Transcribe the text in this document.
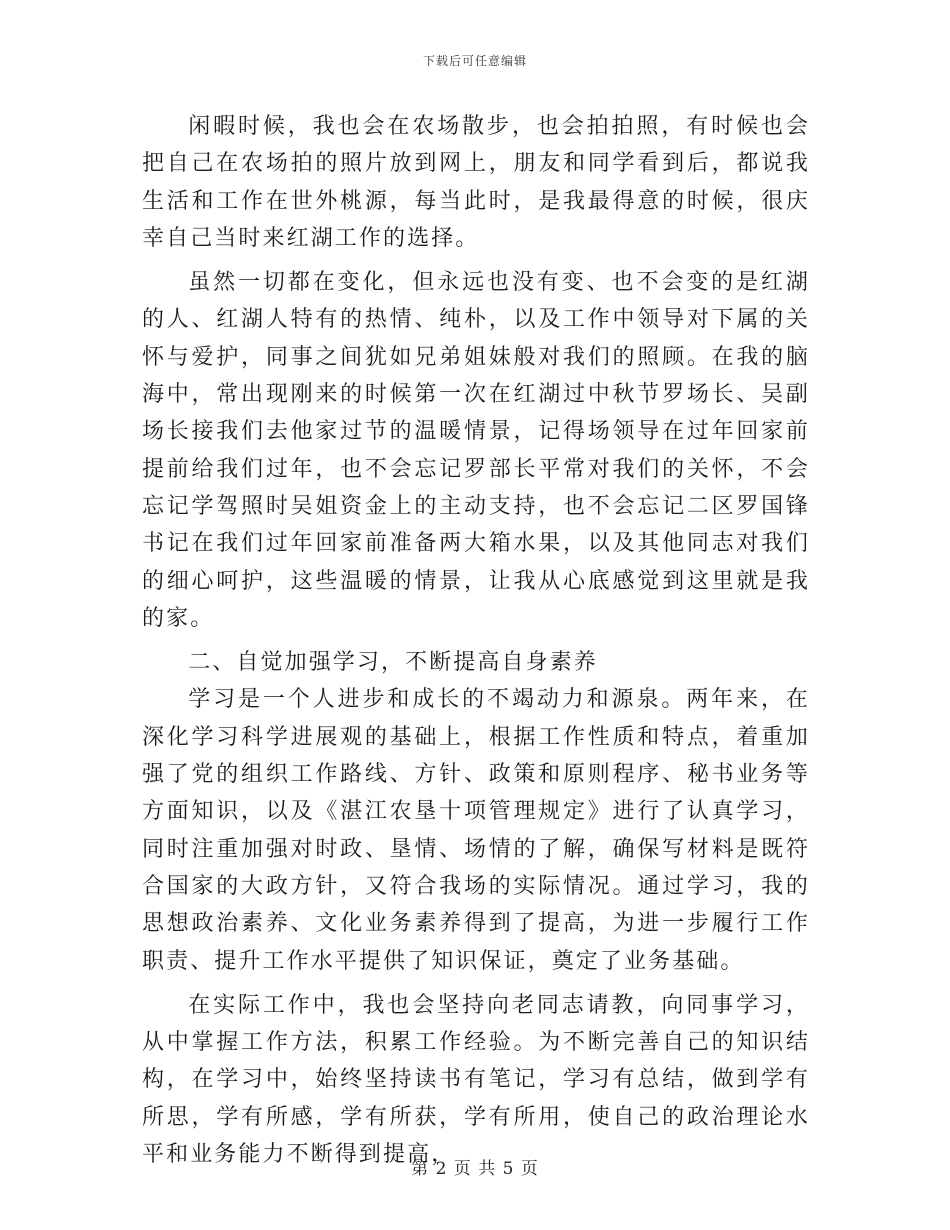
下载后可任意编辑

闲暇时候，我也会在农场散步，也会拍拍照，有时候也会把自己在农场拍的照片放到网上，朋友和同学看到后，都说我生活和工作在世外桃源，每当此时，是我最得意的时候，很庆幸自己当时来红湖工作的选择。

虽然一切都在变化，但永远也没有变、也不会变的是红湖的人、红湖人特有的热情、纯朴，以及工作中领导对下属的关怀与爱护，同事之间犹如兄弟姐妹般对我们的照顾。在我的脑海中，常出现刚来的时候第一次在红湖过中秋节罗场长、吴副场长接我们去他家过节的温暖情景，记得场领导在过年回家前提前给我们过年，也不会忘记罗部长平常对我们的关怀，不会忘记学驾照时吴姐资金上的主动支持，也不会忘记二区罗国锋书记在我们过年回家前准备两大箱水果，以及其他同志对我们的细心呵护，这些温暖的情景，让我从心底感觉到这里就是我的家。

二、自觉加强学习，不断提高自身素养

学习是一个人进步和成长的不竭动力和源泉。两年来，在深化学习科学进展观的基础上，根据工作性质和特点，着重加强了党的组织工作路线、方针、政策和原则程序、秘书业务等方面知识，以及《湛江农垦十项管理规定》进行了认真学习，同时注重加强对时政、垦情、场情的了解，确保写材料是既符合国家的大政方针，又符合我场的实际情况。通过学习，我的思想政治素养、文化业务素养得到了提高，为进一步履行工作职责、提升工作水平提供了知识保证，奠定了业务基础。

在实际工作中，我也会坚持向老同志请教，向同事学习，从中掌握工作方法，积累工作经验。为不断完善自己的知识结构，在学习中，始终坚持读书有笔记，学习有总结，做到学有所思，学有所感，学有所获，学有所用，使自己的政治理论水平和业务能力不断得到提高，

第 2 页 共 5 页
